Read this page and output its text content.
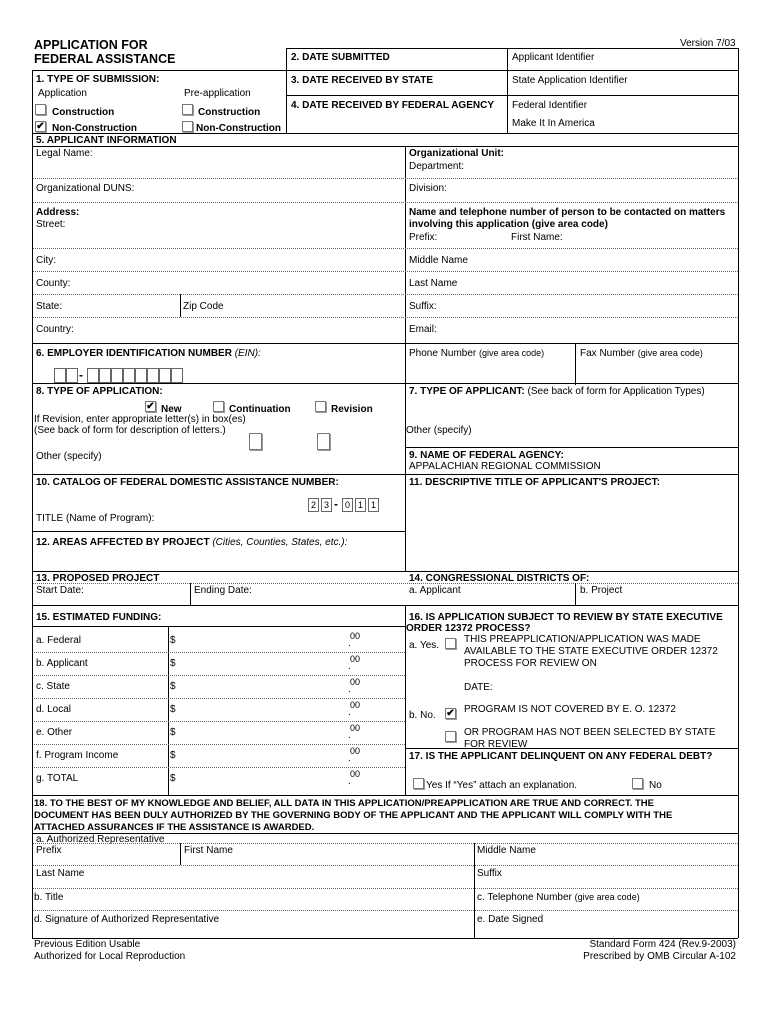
APPLICATION FOR
FEDERAL ASSISTANCE
Version 7/03
2. DATE SUBMITTED	Applicant Identifier
3. DATE RECEIVED BY STATE	State Application Identifier
4. DATE RECEIVED BY FEDERAL AGENCY Federal Identifier
Make It In America
1. TYPE OF SUBMISSION:
Application	Pre-application
Construction	Construction
✔ Non-Construction	Non-Construction
5. APPLICANT INFORMATION
Legal Name:	Organizational Unit:
Department:
Organizational DUNS:	Division:
Address:
Street:
Name and telephone number of person to be contacted on matters
involving this application (give area code)
Prefix:	First Name:
City:	Middle Name
County:	Last Name
State:	Zip Code	Suffix:
Country:	Email:
6. EMPLOYER IDENTIFICATION NUMBER (EIN):	Phone Number (give area code)	Fax Number (give area code)
-
8. TYPE OF APPLICATION:	7. TYPE OF APPLICANT: (See back of form for Application Types)
✔ New	Continuation	Revision
If Revision, enter appropriate letter(s) in box(es)
(See back of form for description of letters.)	Other (specify)
Other (specify)	9. NAME OF FEDERAL AGENCY:
APPALACHIAN REGIONAL COMMISSION
10. CATALOG OF FEDERAL DOMESTIC ASSISTANCE NUMBER:	11. DESCRIPTIVE TITLE OF APPLICANT'S PROJECT:
2 3 - 0 1 1
TITLE (Name of Program):
12. AREAS AFFECTED BY PROJECT (Cities, Counties, States, etc.):
13. PROPOSED PROJECT	14. CONGRESSIONAL DISTRICTS OF:
Start Date:	Ending Date:	a. Applicant	b. Project
15. ESTIMATED FUNDING:	16. IS APPLICATION SUBJECT TO REVIEW BY STATE EXECUTIVE
ORDER 12372 PROCESS?
a. Federal	$	00
b. Applicant	$	00
c. State	$	00
d. Local	$	00
e. Other	$	00
f. Program Income	$	00
g. TOTAL	$	00
.
.
.
.
.
.
.
a. Yes.
THIS PREAPPLICATION/APPLICATION WAS MADE
AVAILABLE TO THE STATE EXECUTIVE ORDER 12372
PROCESS FOR REVIEW ON
DATE:
b. No. ✔ PROGRAM IS NOT COVERED BY E. O. 12372
OR PROGRAM HAS NOT BEEN SELECTED BY STATE
FOR REVIEW
17. IS THE APPLICANT DELINQUENT ON ANY FEDERAL DEBT?
Yes If “Yes” attach an explanation.	No
18. TO THE BEST OF MY KNOWLEDGE AND BELIEF, ALL DATA IN THIS APPLICATION/PREAPPLICATION ARE TRUE AND CORRECT. THE
DOCUMENT HAS BEEN DULY AUTHORIZED BY THE GOVERNING BODY OF THE APPLICANT AND THE APPLICANT WILL COMPLY WITH THE
ATTACHED ASSURANCES IF THE ASSISTANCE IS AWARDED.
a. Authorized Representative
Prefix	First Name	Middle Name
Last Name	Suffix
b. Title	c. Telephone Number (give area code)
d. Signature of Authorized Representative	e. Date Signed
Previous Edition Usable
Authorized for Local Reproduction
Standard Form 424 (Rev.9-2003)
Prescribed by OMB Circular A-102
